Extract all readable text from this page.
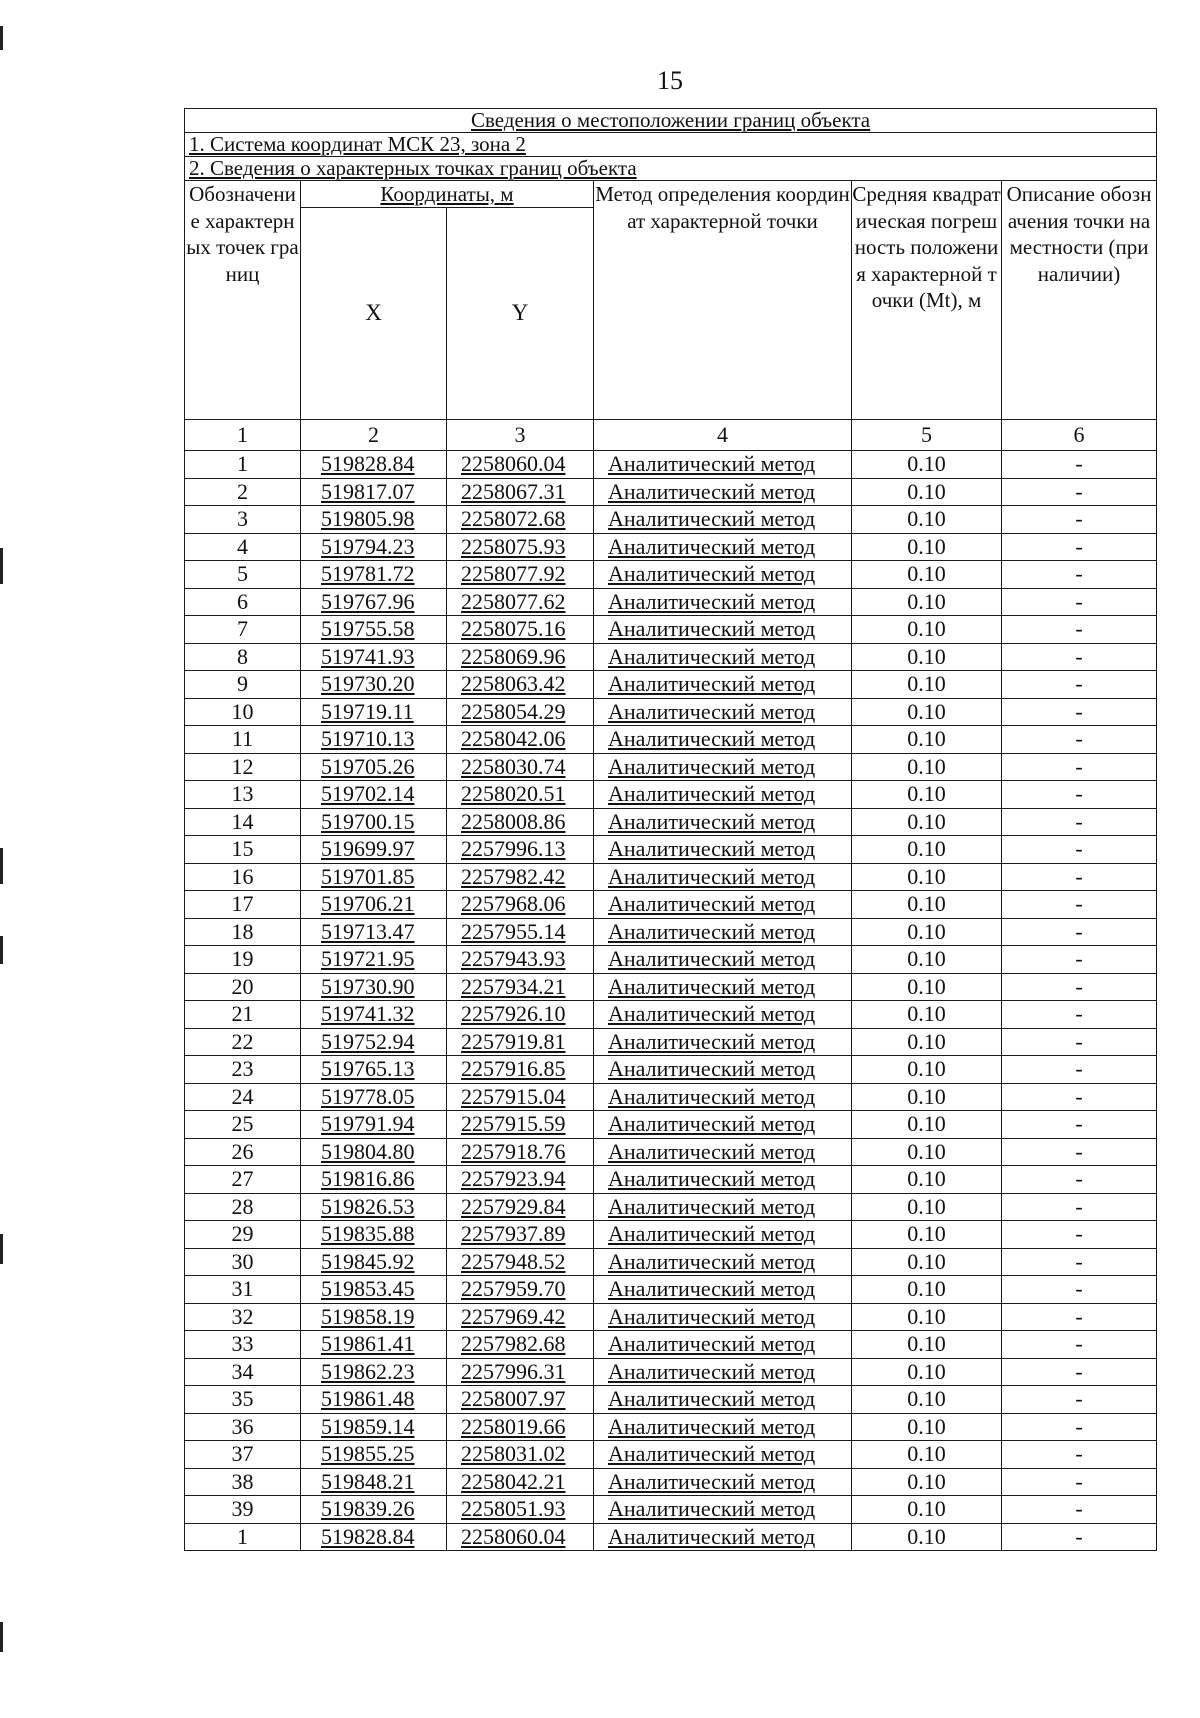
15
Сведения о местоположении границ объекта					
1. Система координат МСК 23, зона 2					
2. Сведения о характерных точках границ объекта					
Обозначение характерных точек границ	Координаты, м		Метод определения координат характерной точки	Средняя квадратическая погрешность положения характерной точки (Mt), м	Описание обозначения точки на местности (при наличии)
	X	Y			
1	2	3	4	5	6
1	519828.84	2258060.04	Аналитический метод	0.10	-
2	519817.07	2258067.31	Аналитический метод	0.10	-
3	519805.98	2258072.68	Аналитический метод	0.10	-
4	519794.23	2258075.93	Аналитический метод	0.10	-
5	519781.72	2258077.92	Аналитический метод	0.10	-
6	519767.96	2258077.62	Аналитический метод	0.10	-
7	519755.58	2258075.16	Аналитический метод	0.10	-
8	519741.93	2258069.96	Аналитический метод	0.10	-
9	519730.20	2258063.42	Аналитический метод	0.10	-
10	519719.11	2258054.29	Аналитический метод	0.10	-
11	519710.13	2258042.06	Аналитический метод	0.10	-
12	519705.26	2258030.74	Аналитический метод	0.10	-
13	519702.14	2258020.51	Аналитический метод	0.10	-
14	519700.15	2258008.86	Аналитический метод	0.10	-
15	519699.97	2257996.13	Аналитический метод	0.10	-
16	519701.85	2257982.42	Аналитический метод	0.10	-
17	519706.21	2257968.06	Аналитический метод	0.10	-
18	519713.47	2257955.14	Аналитический метод	0.10	-
19	519721.95	2257943.93	Аналитический метод	0.10	-
20	519730.90	2257934.21	Аналитический метод	0.10	-
21	519741.32	2257926.10	Аналитический метод	0.10	-
22	519752.94	2257919.81	Аналитический метод	0.10	-
23	519765.13	2257916.85	Аналитический метод	0.10	-
24	519778.05	2257915.04	Аналитический метод	0.10	-
25	519791.94	2257915.59	Аналитический метод	0.10	-
26	519804.80	2257918.76	Аналитический метод	0.10	-
27	519816.86	2257923.94	Аналитический метод	0.10	-
28	519826.53	2257929.84	Аналитический метод	0.10	-
29	519835.88	2257937.89	Аналитический метод	0.10	-
30	519845.92	2257948.52	Аналитический метод	0.10	-
31	519853.45	2257959.70	Аналитический метод	0.10	-
32	519858.19	2257969.42	Аналитический метод	0.10	-
33	519861.41	2257982.68	Аналитический метод	0.10	-
34	519862.23	2257996.31	Аналитический метод	0.10	-
35	519861.48	2258007.97	Аналитический метод	0.10	-
36	519859.14	2258019.66	Аналитический метод	0.10	-
37	519855.25	2258031.02	Аналитический метод	0.10	-
38	519848.21	2258042.21	Аналитический метод	0.10	-
39	519839.26	2258051.93	Аналитический метод	0.10	-
1	519828.84	2258060.04	Аналитический метод	0.10	-
